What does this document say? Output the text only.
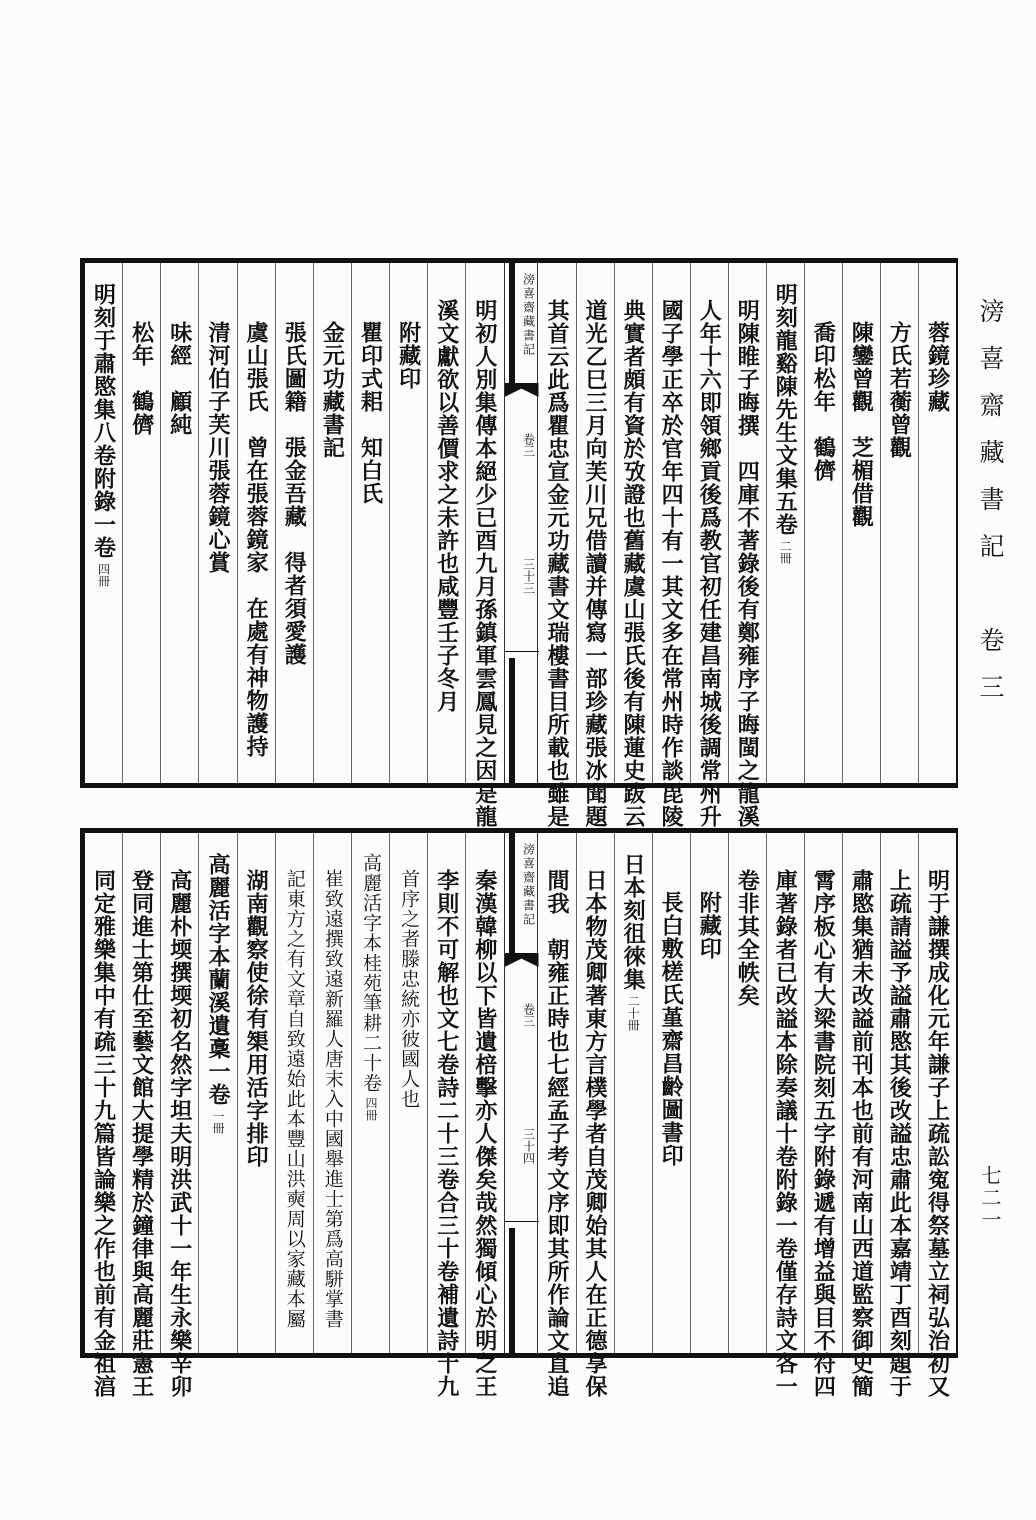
滂喜齋藏書記　卷三
七二一
蓉鏡珍藏
方氏若蘅曾觀
陳鑾曾觀　芝楣借觀
喬印松年　鶴儕
明刻龍谿陳先生文集五卷二冊
明陳睢子晦撰　四庫不著錄後有鄭雍序子晦閩之龍溪
人年十六即領鄉貢後爲教官初任建昌南城後調常州升
國子學正卒於官年四十有一其文多在常州時作談毘陵
典實者頗有資於攷證也舊藏虞山張氏後有陳蓮史跋云
道光乙巳三月向芙川兄借讀并傳寫一部珍藏張冰聞題
其首云此爲瞿忠宣金元功藏書文瑞樓書目所載也雖是
滂喜齋藏書記
卷三
三十三
明初人別集傳本絕少已酉九月孫鎮軍雲鳳見之因是龍
溪文獻欲以善價求之未許也咸豐壬子冬月
附藏印
瞿印式耜　知白氏
金元功藏書記
張氏圖籍　張金吾藏　得者須愛護
虞山張氏　曾在張蓉鏡家　在處有神物護持
清河伯子芙川張蓉鏡心賞
味經　顧純
松年　鶴儕
明刻于肅愍集八卷附錄一卷四冊
明于謙撰成化元年謙子上疏訟寃得祭墓立祠弘治初又
上疏請謚予謚肅愍其後改謚忠肅此本嘉靖丁酉刻題于
肅愍集猶未改謚前刊本也前有河南山西道監察御史簡
霄序板心有大梁書院刻五字附錄遞有增益與目不符四
庫著錄者已改謚本除奏議十卷附錄一卷僅存詩文各一
卷非其全帙矣
附藏印
長白敷槎氏堇齋昌齡圖書印
日本刻徂徠集二十冊
日本物茂卿著東方言樸學者自茂卿始其人在正德享保
間我　朝雍正時也七經孟子考文序即其所作論文直追
滂喜齋藏書記
卷三
三十四
秦漢韓柳以下皆遺棓擊亦人傑矣哉然獨傾心於明之王
李則不可解也文七卷詩二十三卷合三十卷補遺詩十九
首序之者滕忠統亦彼國人也
高麗活字本桂苑筆耕二十卷四冊
崔致遠撰致遠新羅人唐末入中國舉進士第爲高駢掌書
記東方之有文章自致遠始此本豐山洪奭周以家藏本屬
湖南觀察使徐有榘用活字排印
高麗活字本蘭溪遺稾一卷一冊
高麗朴堧撰堧初名然字坦夫明洪武十一年生永樂辛卯
登同進士第仕至藝文館大提學精於鐘律與高麗莊憲王
同定雅樂集中有疏三十九篇皆論樂之作也前有金祖湻
